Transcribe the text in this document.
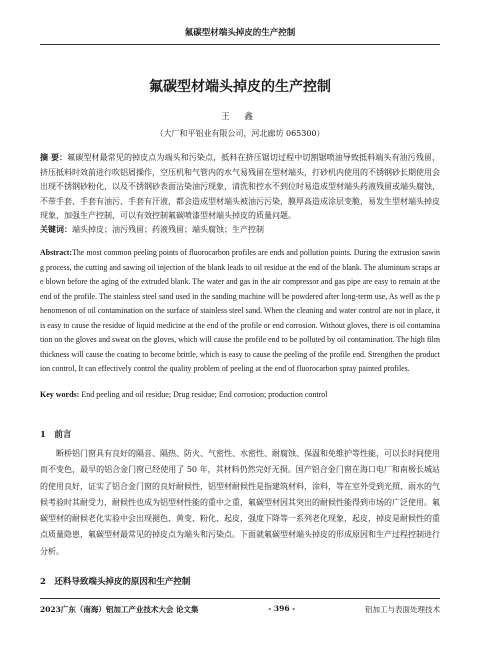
氟碳型材端头掉皮的生产控制
氟碳型材端头掉皮的生产控制
王 鑫
（大厂和平铝业有限公司，河北廊坊 065300）
摘 要：氟碳型材最常见的掉皮点为端头和污染点，抵料在挤压锯切过程中切割锯喷油导致抵料端头有油污残留，挤压抵料时效前进行吹铝屑操作，空压机和气管内的水气易残留在型材端头，打砂机内使用的不锈钢砂长期使用会出现不锈钢砂粉化，以及不锈钢砂表面沾染油污现象，清洗和控水不到位时易造成型材端头药液残留或端头腐蚀，不带手套、手套有油污、手套有汗液，都会造成型材端头被油污污染，膜厚高造成涂层变脆，易发生型材端头掉皮现象，加强生产控制，可以有效控制氟碳喷漆型材端头掉皮的质量问题。
关键词：端头掉皮；油污残留；药液残留；端头腐蚀；生产控制
Abstract:The most common peeling points of fluorocarbon profiles are ends and pollution points. During the extrusion sawing process, the cutting and sawing oil injection of the blank leads to oil residue at the end of the blank. The aluminum scraps are blown before the aging of the extruded blank. The water and gas in the air compressor and gas pipe are easy to remain at the end of the profile. The stainless steel sand used in the sanding machine will be powdered after long-term use, As well as the phenomenon of oil contamination on the surface of stainless steel sand. When the cleaning and water control are not in place, it is easy to cause the residue of liquid medicine at the end of the profile or end corrosion. Without gloves, there is oil contamination on the gloves and sweat on the gloves, which will cause the profile end to be polluted by oil contamination. The high film thickness will cause the coating to become brittle, which is easy to cause the peeling of the profile end. Strengthen the production control, It can effectively control the quality problem of peeling at the end of fluorocarbon spray painted profiles.
Key words: End peeling and oil residue; Drug residue; End corrosion; production control
1　前言
断桥铝门窗具有良好的隔音、隔热、防火、气密性、水密性、耐腐蚀、保温和免维护等性能，可以长时间使用而不变色，最早的铝合金门窗已经使用了 50 年，其材料仍然完好无损。国产铝合金门窗在海口电厂和南极长城站的使用良好，证实了铝合金门窗的良好耐候性，铝型材耐候性是指建筑材料，涂料，等在室外受到光照、雨水的气候考验时其耐受力，耐候性也成为铝型材性能的重中之重，氟碳型材因其突出的耐候性能得到市场的广泛使用。氟碳型材的耐候老化实验中会出现褪色、黄变、粉化、起皮，强度下降等一系列老化现象，起皮，掉皮是耐候性的重点质量隐患，氟碳型材最常见的掉皮点为端头和污染点。下面就氟碳型材端头掉皮的形成原因和生产过程控制进行分析。
2　还料导致端头掉皮的原因和生产控制
2023广东（南海）铝加工产业技术大会 论文集	- 396 -	铝加工与表面处理技术
